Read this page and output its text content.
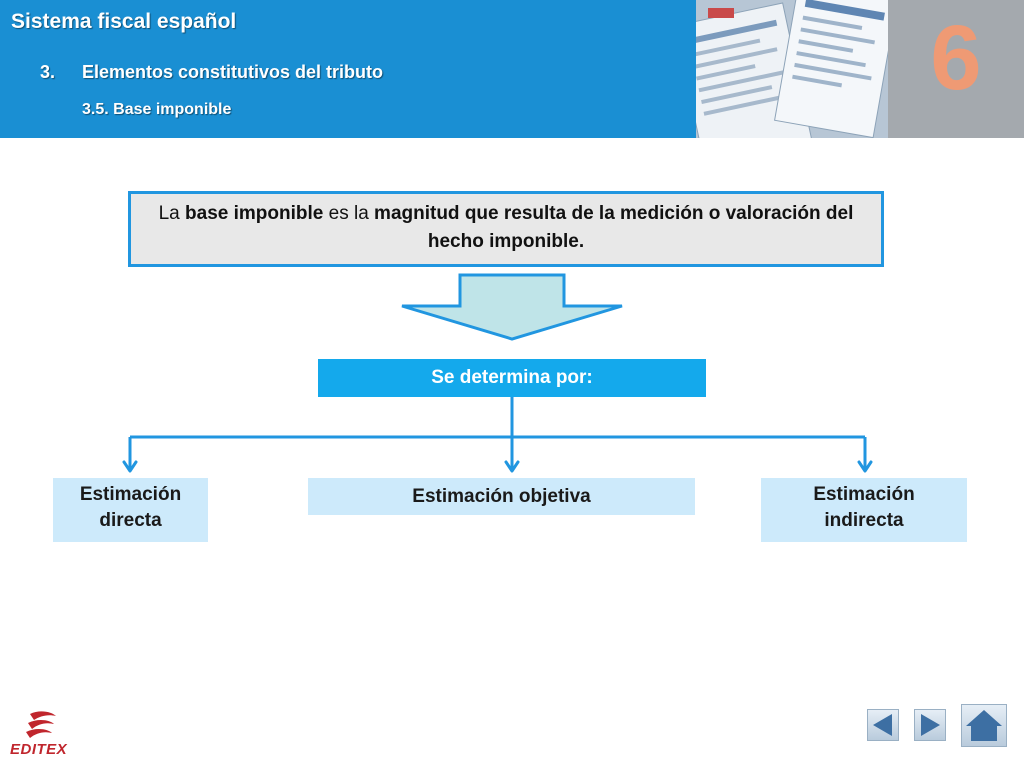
Sistema fiscal español
3. Elementos constitutivos del tributo
3.5. Base imponible
6
La base imponible es la magnitud que resulta de la medición o valoración del hecho imponible.
Se determina por:
Estimación
directa
Estimación objetiva	Estimación
indirecta
EDITEX
